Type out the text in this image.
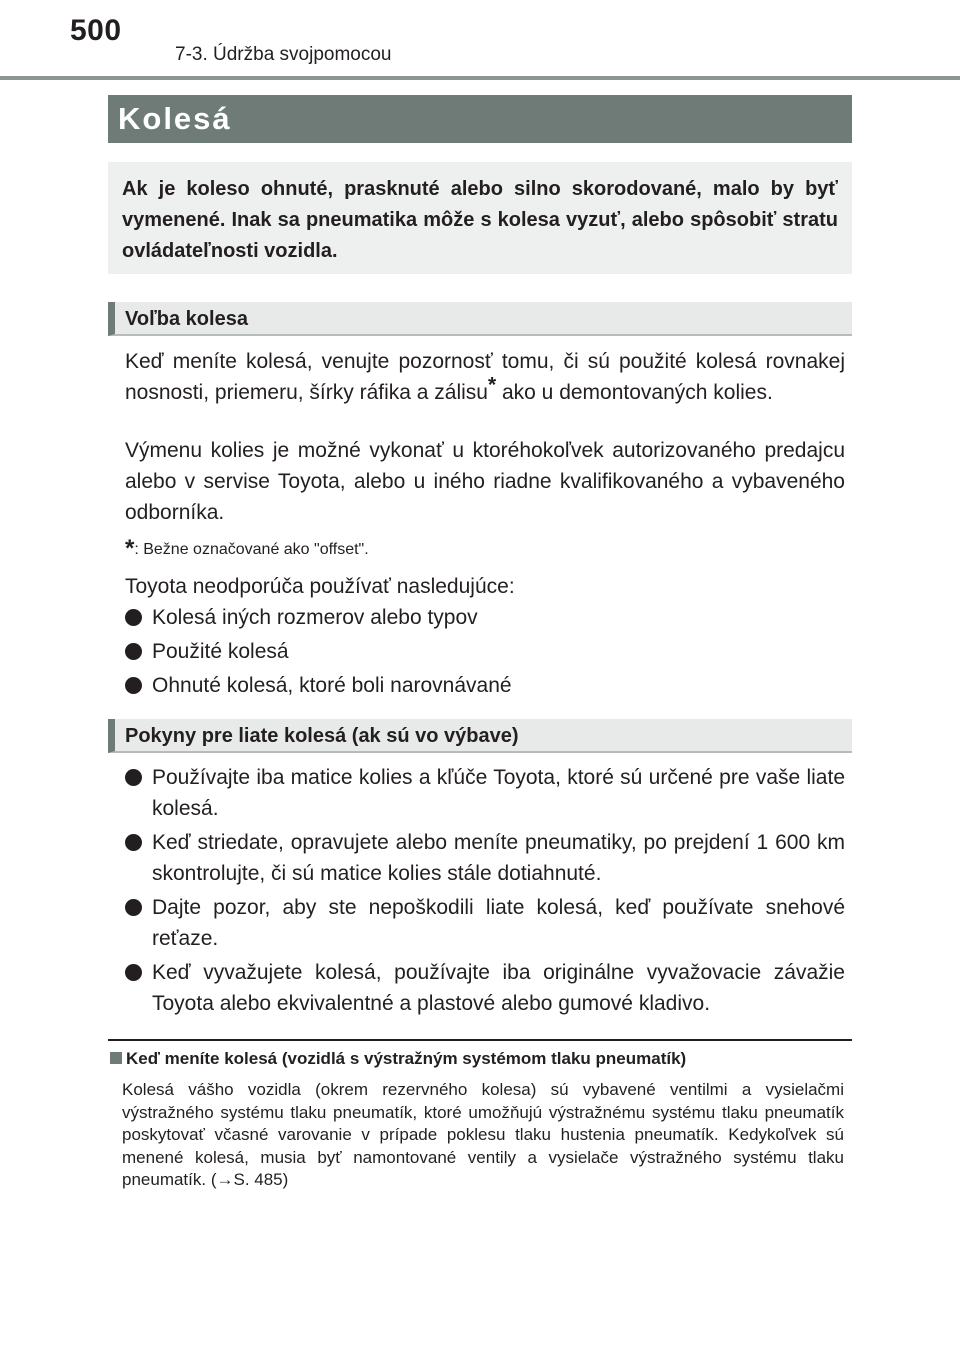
500
7-3. Údržba svojpomocou
Kolesá
Ak je koleso ohnuté, prasknuté alebo silno skorodované, malo by byť vymenené. Inak sa pneumatika môže s kolesa vyzuť, alebo spôsobiť stratu ovládateľnosti vozidla.
Voľba kolesa
Keď meníte kolesá, venujte pozornosť tomu, či sú použité kolesá rovnakej nosnosti, priemeru, šírky ráfika a zálisu* ako u demontovaných kolies.
Výmenu kolies je možné vykonať u ktoréhokoľvek autorizovaného predajcu alebo v servise Toyota, alebo u iného riadne kvalifikovaného a vybaveného odborníka.
*: Bežne označované ako "offset".
Toyota neodporúča používať nasledujúce:
Kolesá iných rozmerov alebo typov
Použité kolesá
Ohnuté kolesá, ktoré boli narovnávané
Pokyny pre liate kolesá (ak sú vo výbave)
Používajte iba matice kolies a kľúče Toyota, ktoré sú určené pre vaše liate kolesá.
Keď striedate, opravujete alebo meníte pneumatiky, po prejdení 1 600 km skontrolujte, či sú matice kolies stále dotiahnuté.
Dajte pozor, aby ste nepoškodili liate kolesá, keď používate snehové reťaze.
Keď vyvažujete kolesá, používajte iba originálne vyvažovacie závažie Toyota alebo ekvivalentné a plastové alebo gumové kladivo.
Keď meníte kolesá (vozidlá s výstražným systémom tlaku pneumatík)
Kolesá vášho vozidla (okrem rezervného kolesa) sú vybavené ventilmi a vysielačmi výstražného systému tlaku pneumatík, ktoré umožňujú výstražnému systému tlaku pneumatík poskytovať včasné varovanie v prípade poklesu tlaku hustenia pneumatík. Kedykoľvek sú menené kolesá, musia byť namontované ventily a vysielače výstražného systému tlaku pneumatík. (→S. 485)
